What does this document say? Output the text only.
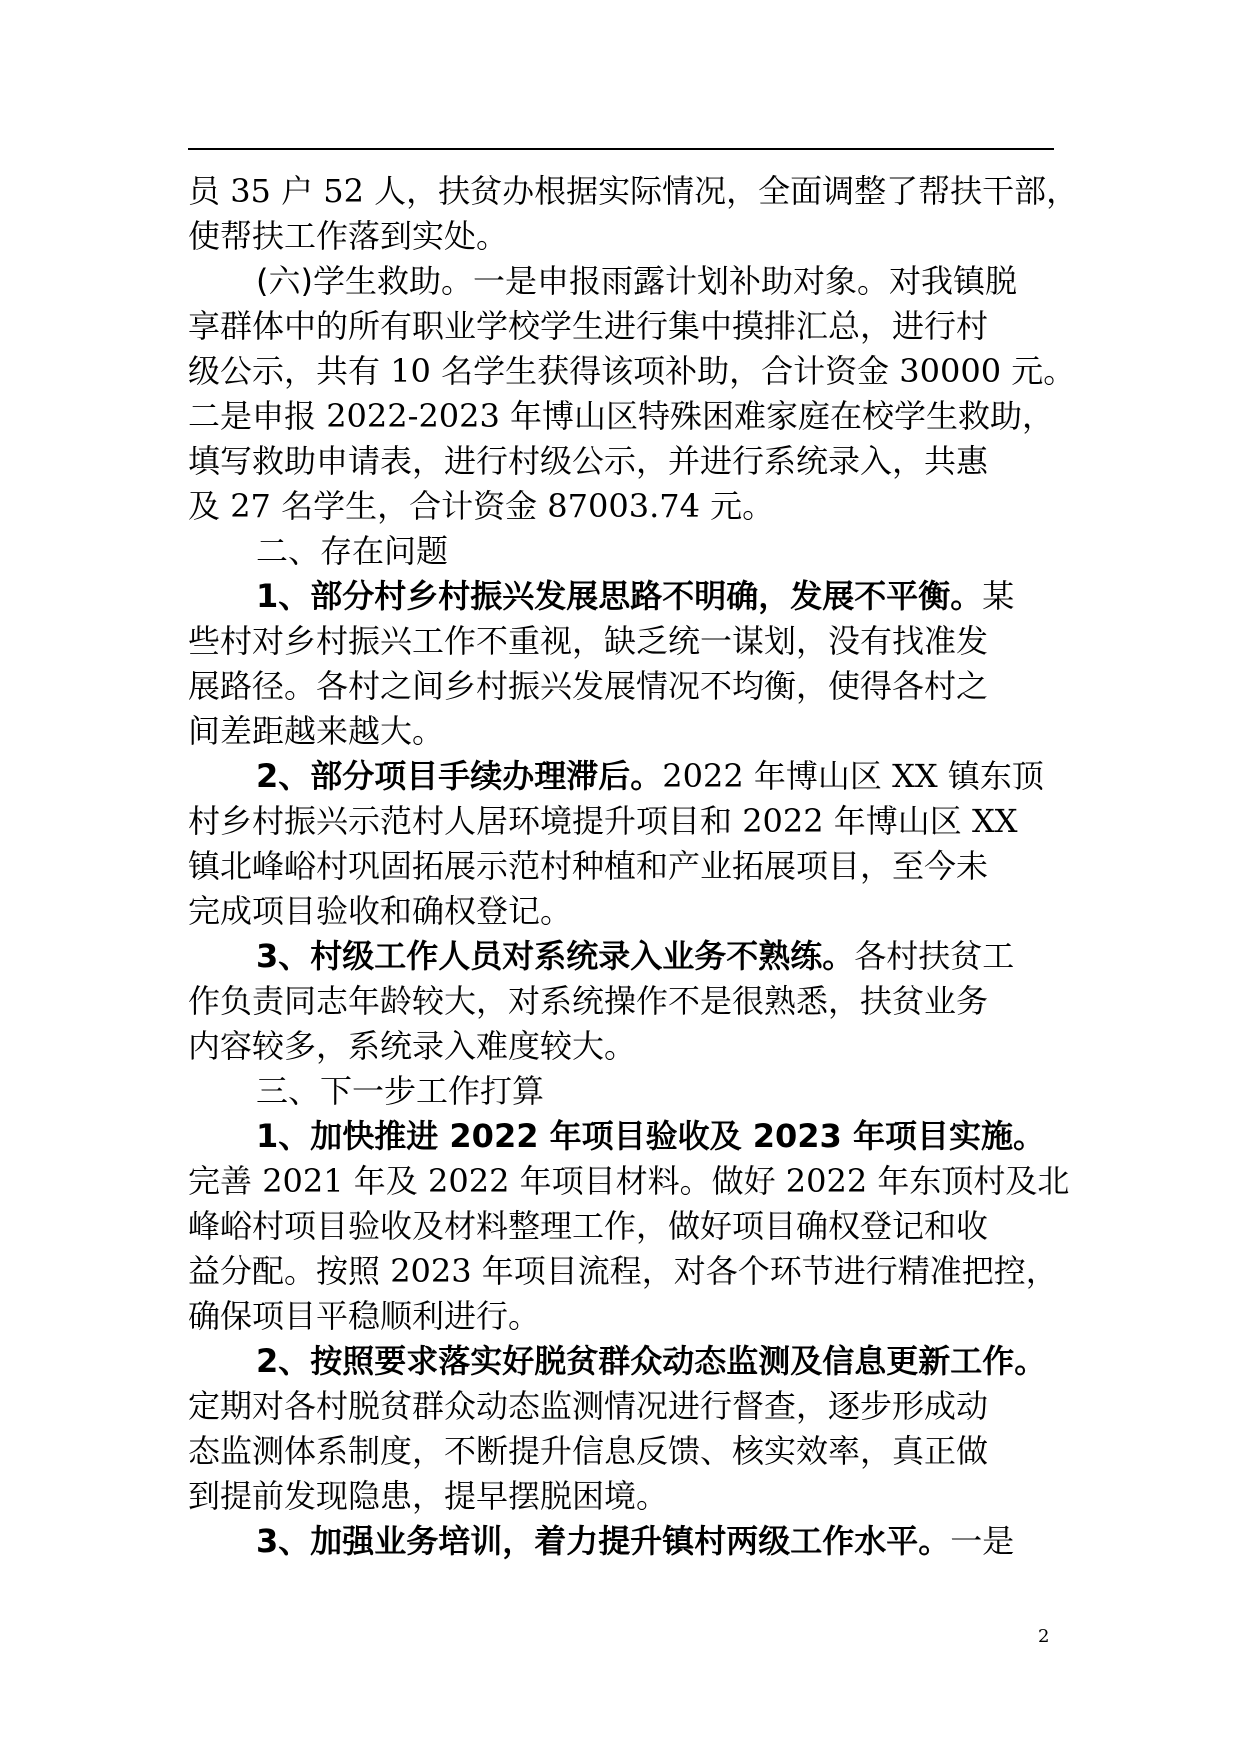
员 35 户 52 人，扶贫办根据实际情况，全面调整了帮扶干部，
使帮扶工作落到实处。
(六)学生救助。一是申报雨露计划补助对象。对我镇脱
享群体中的所有职业学校学生进行集中摸排汇总，进行村
级公示，共有 10 名学生获得该项补助，合计资金 30000 元。
二是申报 2022-2023 年博山区特殊困难家庭在校学生救助，
填写救助申请表，进行村级公示，并进行系统录入，共惠
及 27 名学生，合计资金 87003.74 元。
二、存在问题
1、部分村乡村振兴发展思路不明确，发展不平衡。某
些村对乡村振兴工作不重视，缺乏统一谋划，没有找准发
展路径。各村之间乡村振兴发展情况不均衡，使得各村之
间差距越来越大。
2、部分项目手续办理滞后。2022 年博山区 XX 镇东顶
村乡村振兴示范村人居环境提升项目和 2022 年博山区 XX
镇北峰峪村巩固拓展示范村种植和产业拓展项目，至今未
完成项目验收和确权登记。
3、村级工作人员对系统录入业务不熟练。各村扶贫工
作负责同志年龄较大，对系统操作不是很熟悉，扶贫业务
内容较多，系统录入难度较大。
三、下一步工作打算
1、加快推进 2022 年项目验收及 2023 年项目实施。
完善 2021 年及 2022 年项目材料。做好 2022 年东顶村及北
峰峪村项目验收及材料整理工作，做好项目确权登记和收
益分配。按照 2023 年项目流程，对各个环节进行精准把控，
确保项目平稳顺利进行。
2、按照要求落实好脱贫群众动态监测及信息更新工作。
定期对各村脱贫群众动态监测情况进行督查，逐步形成动
态监测体系制度，不断提升信息反馈、核实效率，真正做
到提前发现隐患，提早摆脱困境。
3、加强业务培训，着力提升镇村两级工作水平。一是
2
